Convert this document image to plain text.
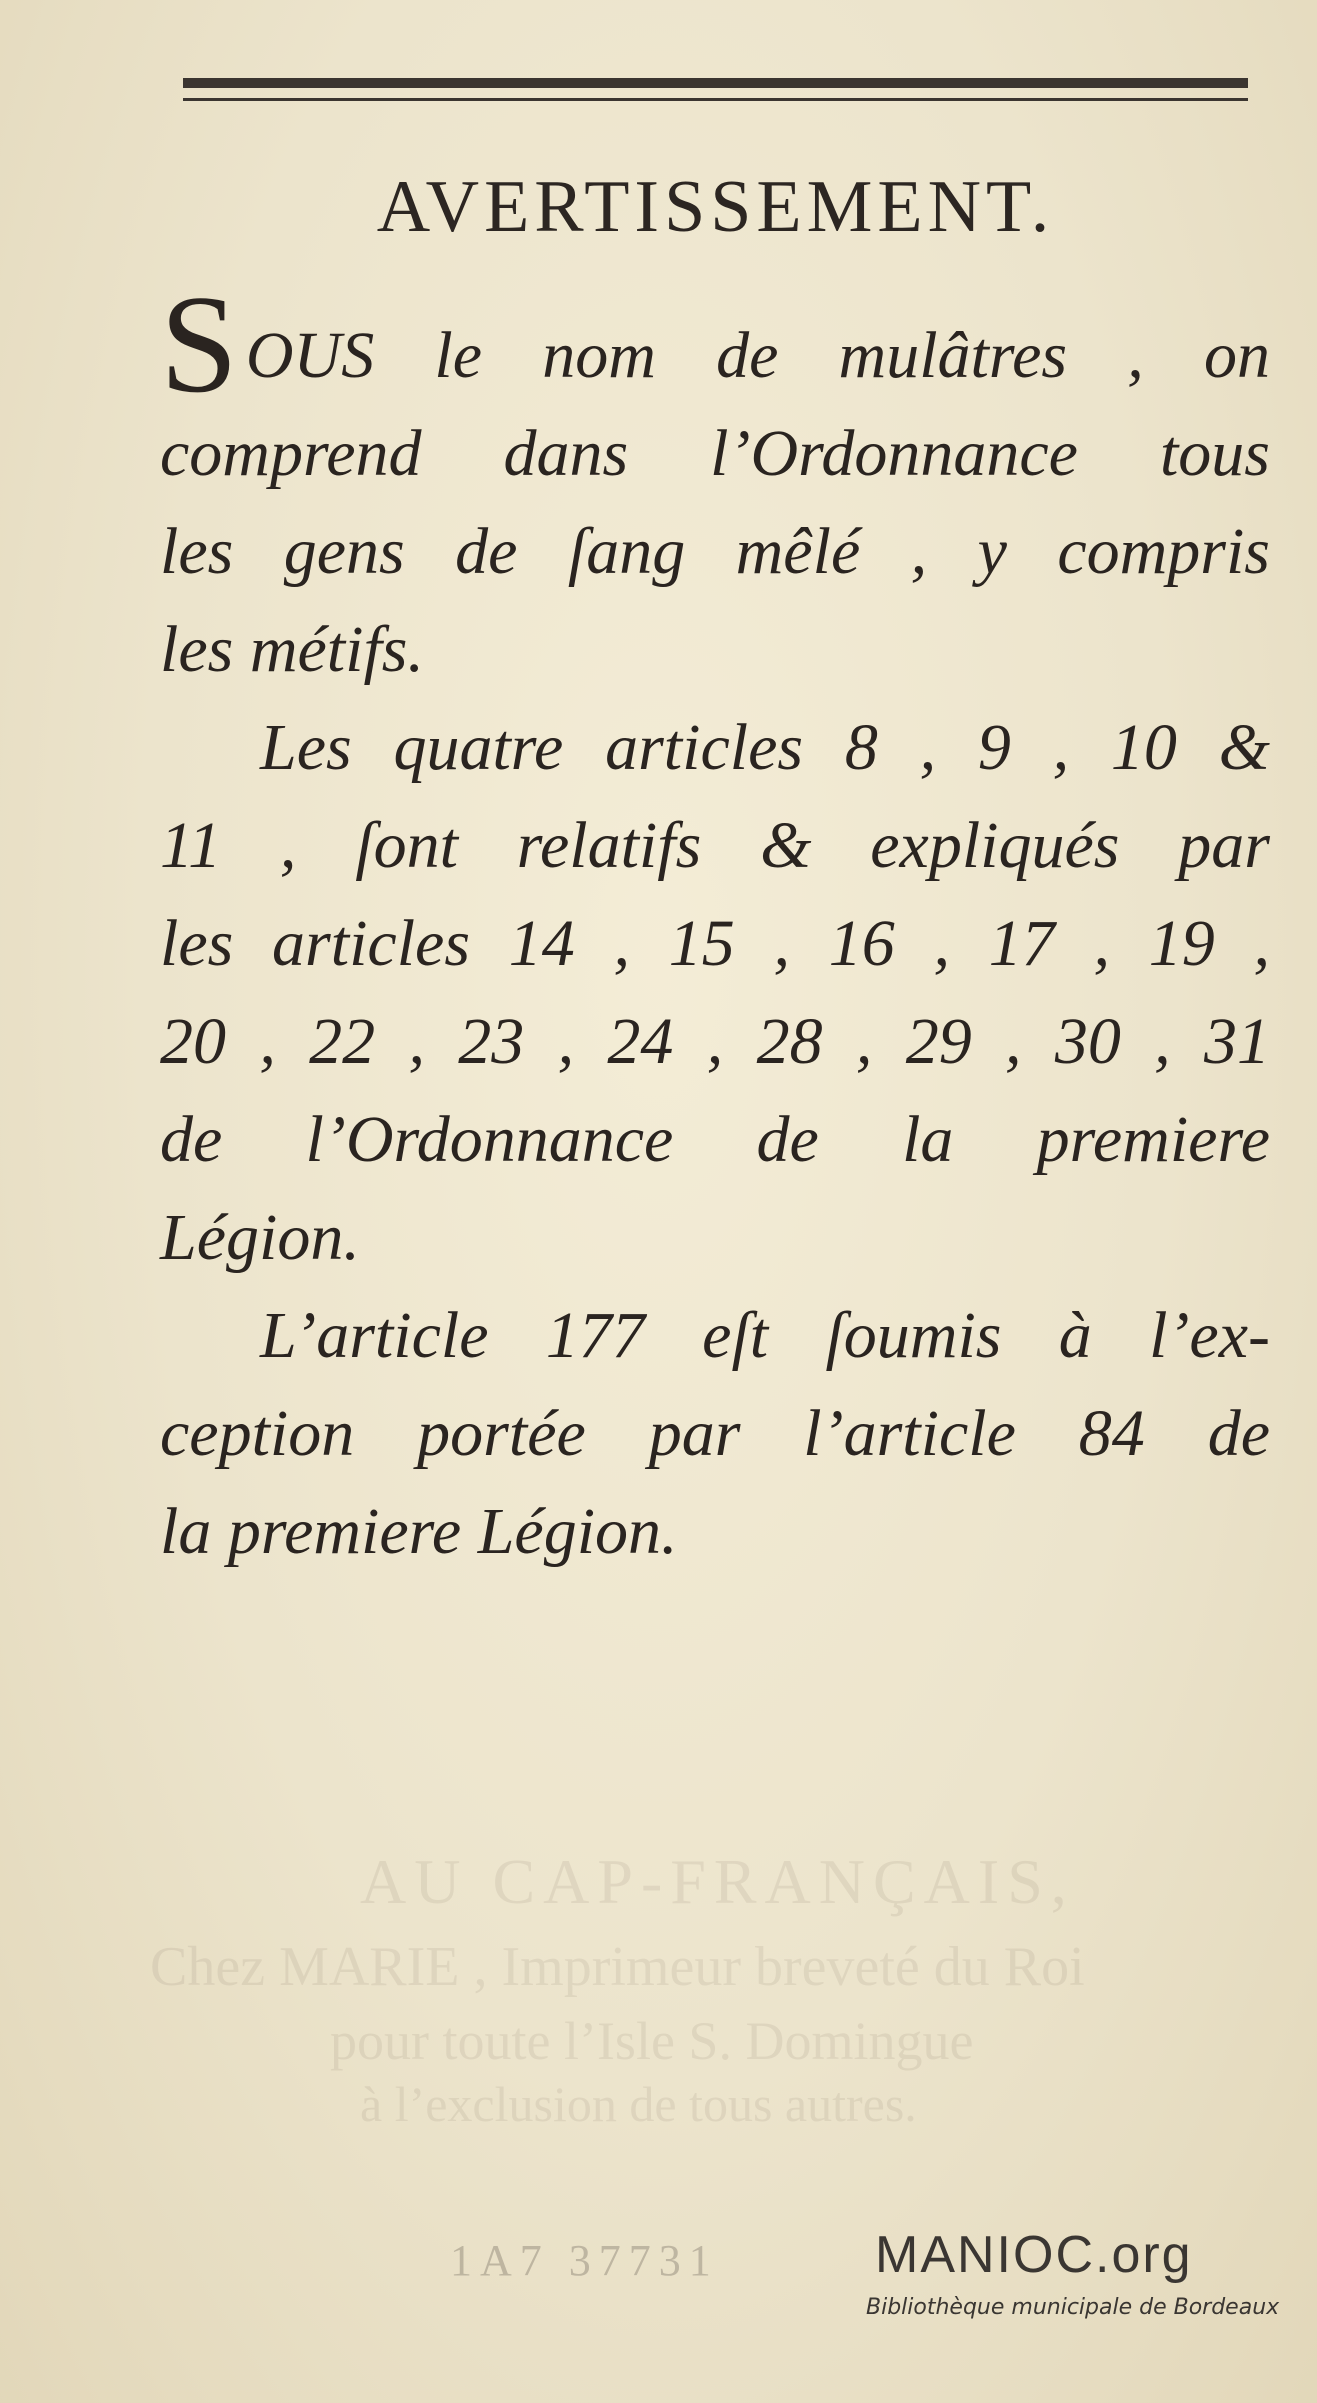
AU CAP-FRANÇAIS,
Chez MARIE , Imprimeur breveté du Roi
pour toute l’Isle S. Domingue
à l’exclusion de tous autres.
AVERTISSEMENT.
SOUS le nom de mulâtres , on
comprend dans l’Ordonnance tous
les gens de ſang mêlé , y compris
les métifs.
Les quatre articles 8 , 9 , 10 &
11 , ſont relatifs & expliqués par
les articles 14 , 15 , 16 , 17 , 19 ,
20 , 22 , 23 , 24 , 28 , 29 , 30 , 31
de l’Ordonnance de la premiere
Légion.
L’article 177 eſt ſoumis à l’ex-
ception portée par l’article 84 de
la premiere Légion.
1A7 37731	MANIOC.org
Bibliothèque municipale de Bordeaux
